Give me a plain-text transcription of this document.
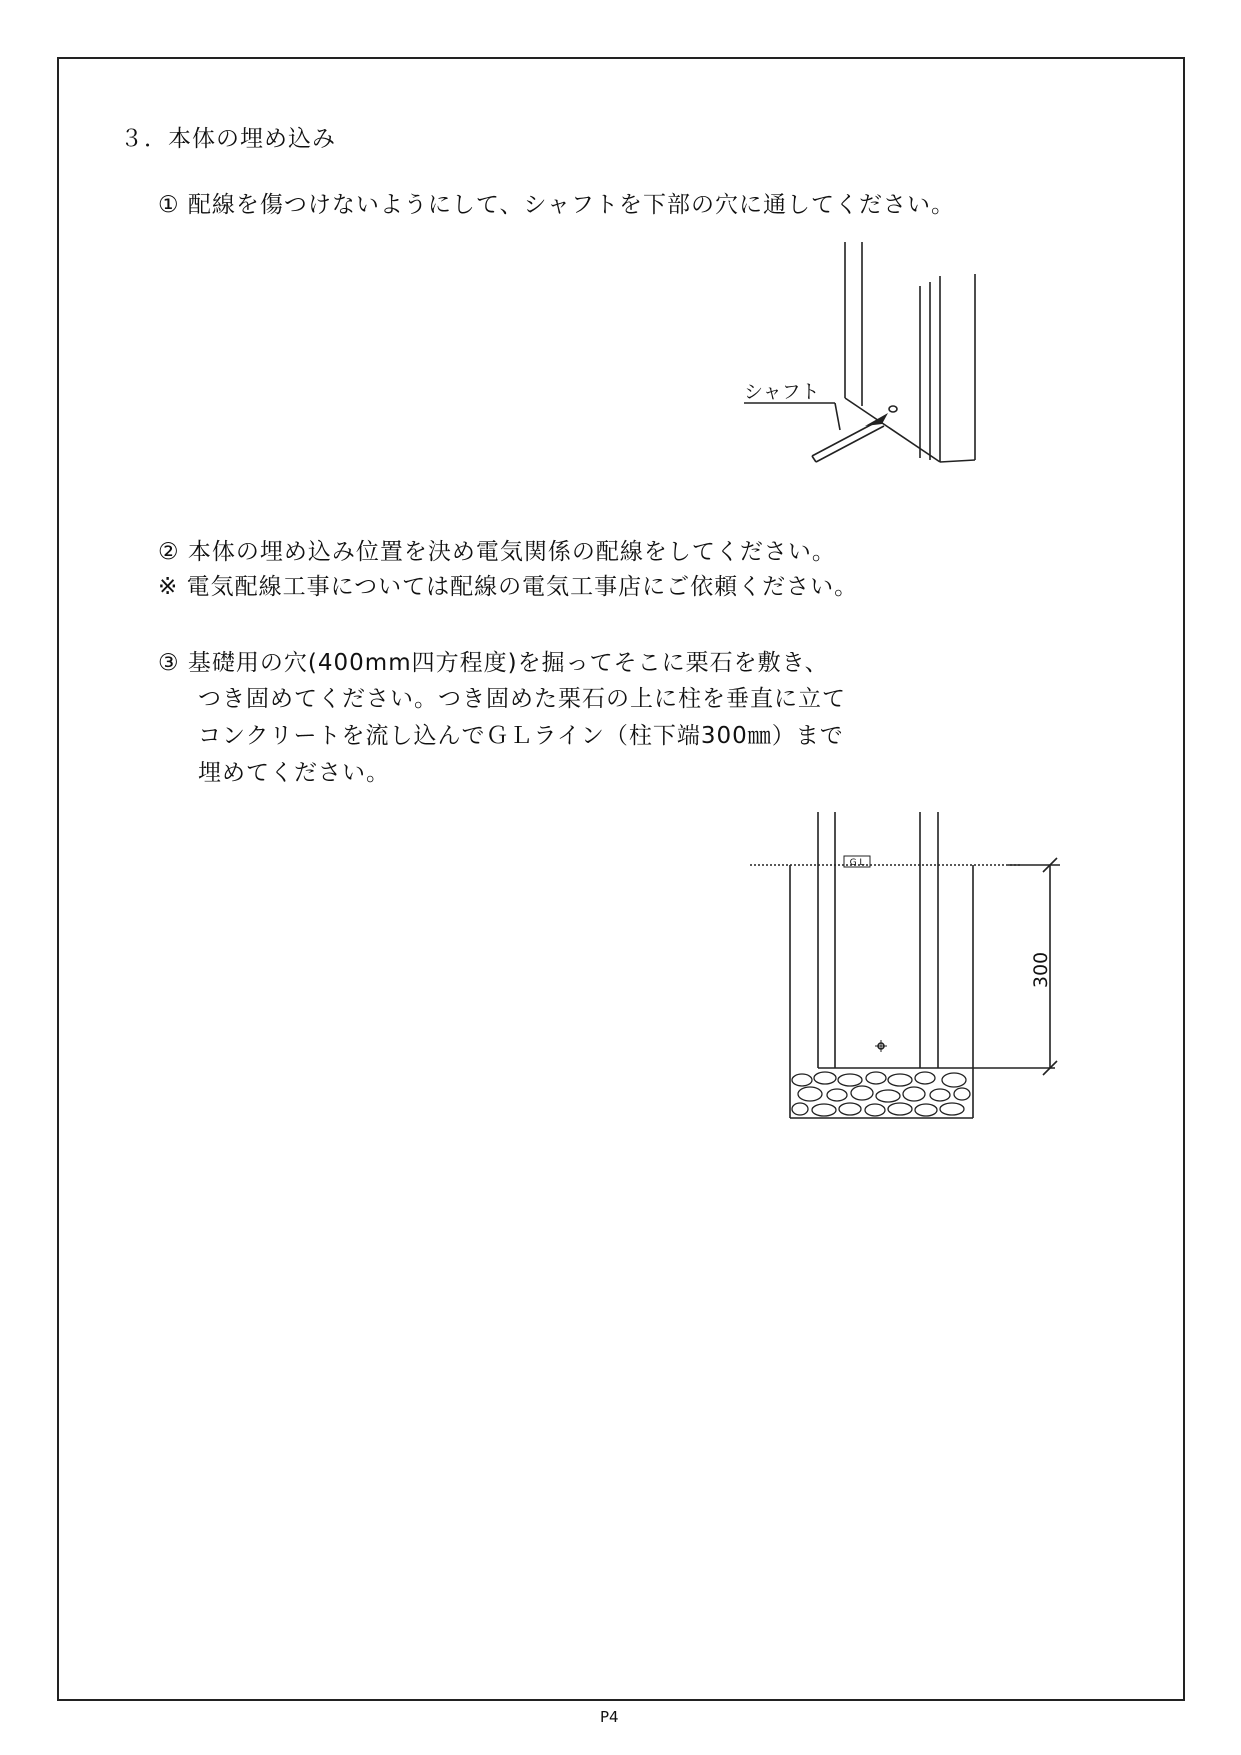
３．本体の埋め込み
① 配線を傷つけないようにして、シャフトを下部の穴に通してください。
シャフト
② 本体の埋め込み位置を決め電気関係の配線をしてください。
※ 電気配線工事については配線の電気工事店にご依頼ください。
③ 基礎用の穴(400mm四方程度)を掘ってそこに栗石を敷き、
つき固めてください。つき固めた栗石の上に柱を垂直に立て
コンクリートを流し込んでＧＬライン（柱下端300㎜）まで
埋めてください。
G L
300
P4
